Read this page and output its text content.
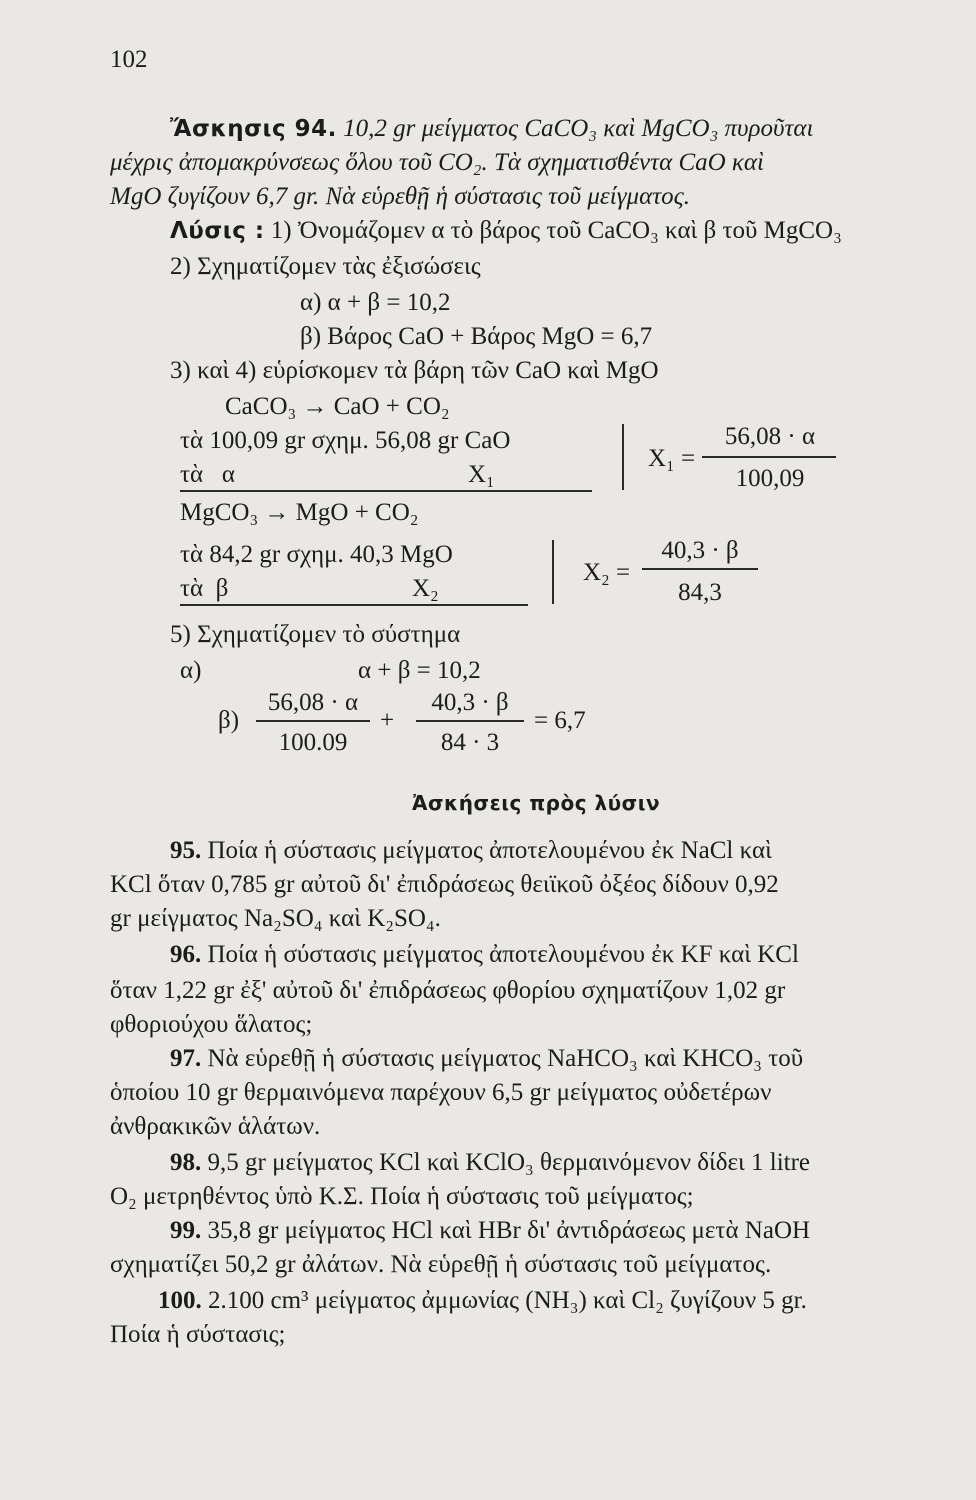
102
Ἄσκησις 94. 10,2 gr μείγματος CaCO₃ καὶ MgCO₃ πυροῦται
μέχρις ἀπομακρύνσεως ὅλου τοῦ CO₂. Τὰ σχηματισθέντα CaO καὶ
MgO ζυγίζουν 6,7 gr. Νὰ εὑρεθῇ ἡ σύστασις τοῦ μείγματος.
Λύσις : 1) Ὀνομάζομεν α τὸ βάρος τοῦ CaCO₃ καὶ β τοῦ MgCO₃
2) Σχηματίζομεν τὰς ἐξισώσεις
α) α + β = 10,2
β) Βάρος CaO + Βάρος MgO = 6,7
3) καὶ 4) εὑρίσκομεν τὰ βάρη τῶν CaO καὶ MgO
CaCO₃ → CaO + CO₂
τὰ 100,09 gr σχημ. 56,08 gr CaO
τὰ   α	X₁
X₁ =
56,08 · α
100,09
MgCO₃ → MgO + CO₂
τὰ 84,2 gr σχημ. 40,3 MgO
τὰ  β	X₂
X₂ =
40,3 · β
84,3
5) Σχηματίζομεν τὸ σύστημα
α)	α + β = 10,2
β)
56,08 · α
100.09
+
40,3 · β
84 · 3
= 6,7
Ἀσκήσεις πρὸς λύσιν
95. Ποία ἡ σύστασις μείγματος ἀποτελουμένου ἐκ NaCl καὶ
KCl ὅταν 0,785 gr αὐτοῦ δι' ἐπιδράσεως θειϊκοῦ ὀξέος δίδουν 0,92
gr μείγματος Na₂SO₄ καὶ K₂SO₄.
96. Ποία ἡ σύστασις μείγματος ἀποτελουμένου ἐκ KF καὶ KCl
ὅταν 1,22 gr ἐξ' αὐτοῦ δι' ἐπιδράσεως φθορίου σχηματίζουν 1,02 gr
φθοριούχου ἅλατος;
97. Νὰ εὑρεθῇ ἡ σύστασις μείγματος NaHCO₃ καὶ KHCO₃ τοῦ
ὁποίου 10 gr θερμαινόμενα παρέχουν 6,5 gr μείγματος οὐδετέρων
ἀνθρακικῶν ἁλάτων.
98. 9,5 gr μείγματος KCl καὶ KClO₃ θερμαινόμενον δίδει 1 litre
O₂ μετρηθέντος ὑπὸ Κ.Σ. Ποία ἡ σύστασις τοῦ μείγματος;
99. 35,8 gr μείγματος HCl καὶ HBr δι' ἀντιδράσεως μετὰ NaOH
σχηματίζει 50,2 gr ἀλάτων. Νὰ εὑρεθῇ ἡ σύστασις τοῦ μείγματος.
100. 2.100 cm³ μείγματος ἀμμωνίας (NH₃) καὶ Cl₂ ζυγίζουν 5 gr.
Ποία ἡ σύστασις;
